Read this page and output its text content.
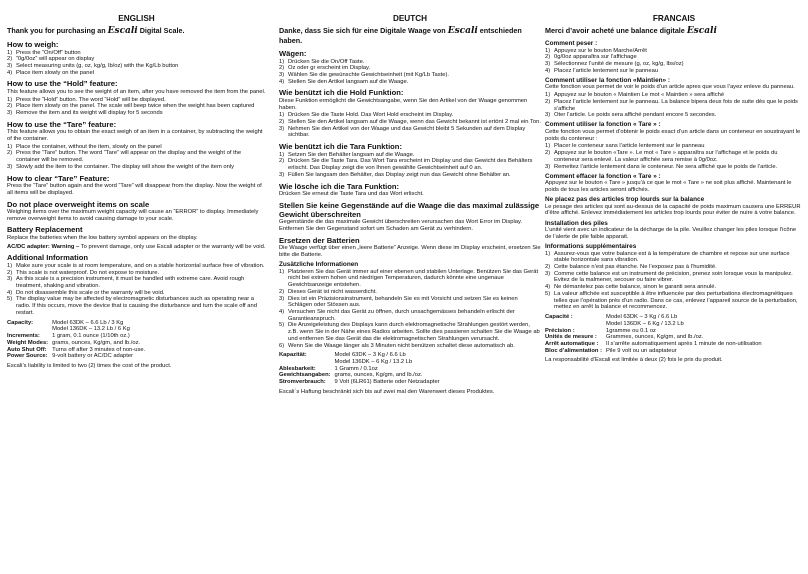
ENGLISH
Thank you for purchasing an Escali Digital Scale.
How to weigh:
1) Press the “On/Off” button
2) “0g/0oz” will appear on display
3) Select measuring units (g, oz, kg/g, lb/oz) with the Kg/Lb button
4) Place item slowly on the panel
How to use the “Hold” feature:

This feature allows you to see the weight of an item, after you have removed the item from the panel.

1) Press the “Hold” button. The word “Hold” will be displayed.
2) Place item slowly on the panel. The scale will beep twice when the weight has been captured
3) Remove the item and its weight will display for 5 seconds
How to use the “Tare” feature:

This feature allows you to obtain the exact weigh of an item in a container, by subtracting the weight of the container.

1) Place the container, without the item, slowly on the panel
2) Press the “Tare” button. The word “Tare” will appear on the display and the weight of the container will be removed.
3) Slowly add the item to the container. The display will show the weight of the item only
How to clear “Tare” Feature:

Press the “Tare” button again and the word “Tare” will disappear from the display. Now the weight of all items will be displayed.

Do not place overweight items on scale

Weighing items over the maximum weight capacity will cause an “ERROR” to display. Immediately remove overweight items to avoid causing damage to your scale.

Battery Replacement

Replace the batteries when the low battery symbol appears on the display.

AC/DC adapter: Warning – To prevent damage, only use Escali adapter or the warranty will be void.
Additional Information
1) Make sure your scale is at room temperature, and on a stable horizontal surface free of vibration.
2) This scale is not waterproof. Do not expose to moisture.
3) As this scale is a precision instrument, it must be handled with extreme care. Avoid rough treatment, shaking and vibration.
4) Do not disassemble this scale or the warranty will be void.
5) The display value may be affected by electromagnetic disturbances such as operating near a radio. If this occurs, move the device that is causing the disturbance and turn the scale off and restart.
Capacity:	Model 63DK – 6.6 Lb / 3 Kg
	Model 136DK – 13.2 Lb / 6 Kg
Increments:	1 gram, 0.1 ounce (1/10th oz.)
Weight Modes:	grams, ounces, Kg/gm, and lb./oz.
Auto Shut Off:	Turns off after 3 minutes of non-use.
Power Source:	9-volt battery or AC/DC adapter
Escali’s liability is limited to two (2) times the cost of the product.
DEUTCH
Danke, dass Sie sich für eine Digitale Waage von Escali entschieden haben.
Wägen:
1) Drücken Sie die On/Off Taste.
2) Oz oder gr erscheint im Display.
3) Wählen Sie die gewünschte Gewichtseinheit (mit Kg/Lb Taste).
4) Stellen Sie den Artikel langsam auf die Waage.
Wie benützt ich die Hold Funktion:

Diese Funktion ermöglicht die Gewichtsangabe, wenn Sie den Artikel von der Waage genommen haben.

1) Drücken Sie die Taste Hold. Das Wort Hold erscheint im Display.
2) Stellen Sie den Artikel langsam auf die Waage, wenn das Gewicht bekannt ist ertönt 2 mal ein Ton.
3) Nehmen Sie den Artikel von der Waage und das Gewicht bleibt 5 Sekunden auf dem Display sichtbar.
Wie benützt ich die Tara Funktion:
1) Setzen Sie den Behälter langsam auf die Waage.
2) Drücken Sie die Taste Tara. Das Wort Tara erscheint im Display und das Gewicht des Behälters erlischt. Das Display zeigt die von Ihnen gewählte Gewichtseinheit auf 0 an.
3) Füllen Sie langsam den Behälter, das Display zeigt nun das Gewicht ohne Behälter an.
Wie lösche ich die Tara Funktion:

Drücken Sie erneut die Taste Tara und das Wort erlischt.

Stellen Sie keine Gegenstände auf die Waage die das maximal zulässige Gewicht überschreiten

Gegenstände die das maximale Gewicht überschreiten verursachen das Wort Error im Display. Entfernen Sie den Gegenstand sofort um Schaden am Gerät zu verhindern.

Ersetzen der Batterien

Die Waage verfügt über einen „leere Batterie“ Anzeige. Wenn diese im Display erscheint, ersetzen Sie bitte die Batterie.

Zusätzliche Informationen
1) Platzieren Sie das Gerät immer auf einer ebenen und stabilen Unterlage. Benützen Sie das Gerät nicht bei extrem hohen und niedrigen Temperaturen, dadurch könnte eine ungenaue Gewichtsanzeige entstehen.
2) Dieses Gerät ist nicht wasserdicht.
3) Dies ist ein Präzisionsinstrument, behandeln Sie es mit Vorsicht und setzen Sie es keinen Schlägen oder Stössen aus.
4) Versuchen Sie nicht das Gerät zu öffnen, durch unsachgemässes behandeln erlischt der Garantieanspruch.
5) Die Anzeigeleistung des Displays kann durch elektromagnetische Strahlungen gestört werden, z.B. wenn Sie in der Nähe eines Radios arbeiten. Sollte dies passieren schalten Sie die Waage ab und entfernen Sie das Gerät das die elektromagnetischen Strahlungen verursacht.
6) Wenn Sie die Waage länger als 3 Minuten nicht benützen schaltet diese automatisch ab.
Kapazität:	Model 63DK – 3 Kg / 6.6 Lb
	Model 136DK – 6 Kg / 13.2 Lb
Ablesbarkeit:	1 Gramm / 0.1oz
Gewichtsangaben:	grams, ounces, Kg/gm, and lb./oz.
Stromverbrauch:	9 Volt (6LR61) Batterie oder Netzadapter
Escali´s Haftung beschränkt sich bis auf zwei mal den Warenwert dieses Produktes.
FRANCAIS
Merci d’avoir acheté une balance digitale Escali
Comment peser :
1) Appuyez sur le bouton Marche/Arrêt
2) 0g/0oz apparaîtra sur l’affichage
3) Sélectionnez l’unité de mesure (g, oz, kg/g, lbs/oz)
4) Placez l’article lentement sur le panneau
Comment utiliser la fonction «Maintien» :

Cette fonction vous permet de voir le poids d’un article apres que vous l’ayez enleve du panneau.

1) Appuyez sur le bouton « Maintien Le mot « Maintien » sera affiché
2) Placez l’article lentement sur le panneau. La balance bipera deux fois de suite dès que le poids s’affiche
3) Oter l’article. Le poids sera affiché pendant encore 5 secondes.
Comment utiliser la fonction « Tare » :

Cette fonction vous permet d’obtenir le poids exact d’un article dans un conteneur en soustrayant le poids du conteneur :

1) Placer le conteneur sans l’article lentement sur le panneau
2) Appuyez sur le bouton «Tare ». Le mot « Tare » apparaîtra sur l’affichage et le poids du conteneur sera enlevé. La valeur affichée sera remise à 0g/0oz.
3) Remettez l’article lentement dans le conteneur. Ne sera affiché que le poids de l’article.
Comment effacer la fonction « Tare » :

Appuyez sur le bouton « Tare » jusqu’à ce que le mot « Tare » ne soit plus affiché. Maintenant le poids de tous les articles seront affichés.

Ne placez pas des articles trop lourds sur la balance

Le pesage des articles qui sont au-dessus de la capacité de poids maximum causera une ERREUR d’être affiché. Enlevez immédiatement les articles trop lourds pour éviter de nuire à votre balance.

Installation des piles

L’unité vient avec un indicateur de la décharge de la pile. Veuillez changer les piles lorsque l’icône de l’alerte de pile faible apparait.

Informations supplémentaires
1) Assurez-vous que votre balance est à la température de chambre et repose sur une surface stable horizontale sans vibration.
2) Cette balance n’est pas étanche. Ne l’exposez pas à l’humidité.
3) Comme cette balance est un instrument de précision, prenez soin lorsque vous la manipulez. Evitez de la malmener, secouer ou faire vibrer.
4) Ne démantelez pas cette balance, sinon le garanti sera annulé.
5) La valeur affichée est susceptible à être influencée par des perturbations électromagnétiques telles que l’opération près d’un radio. Dans ce cas, enlevez l’appareil source de la perturbation, mettez en arrêt la balance et recommencez.
Capacité :	Model 63DK – 3 Kg / 6.6 Lb
	Model 136DK – 6 Kg / 13.2 Lb
Précision :	1gramme ou 0.1 oz
Unités de mesure :	Grammes, ounces, Kg/gm, and lb./oz.
Arrêt automatique :	Il s’arrête automatiquement après 1 minute de non-utilisation
Bloc d’alimentation :	Pile 9 volt ou un adaptateur
La responsabilité d’Escali est limitée à deux (2) fois le prix du produit.
